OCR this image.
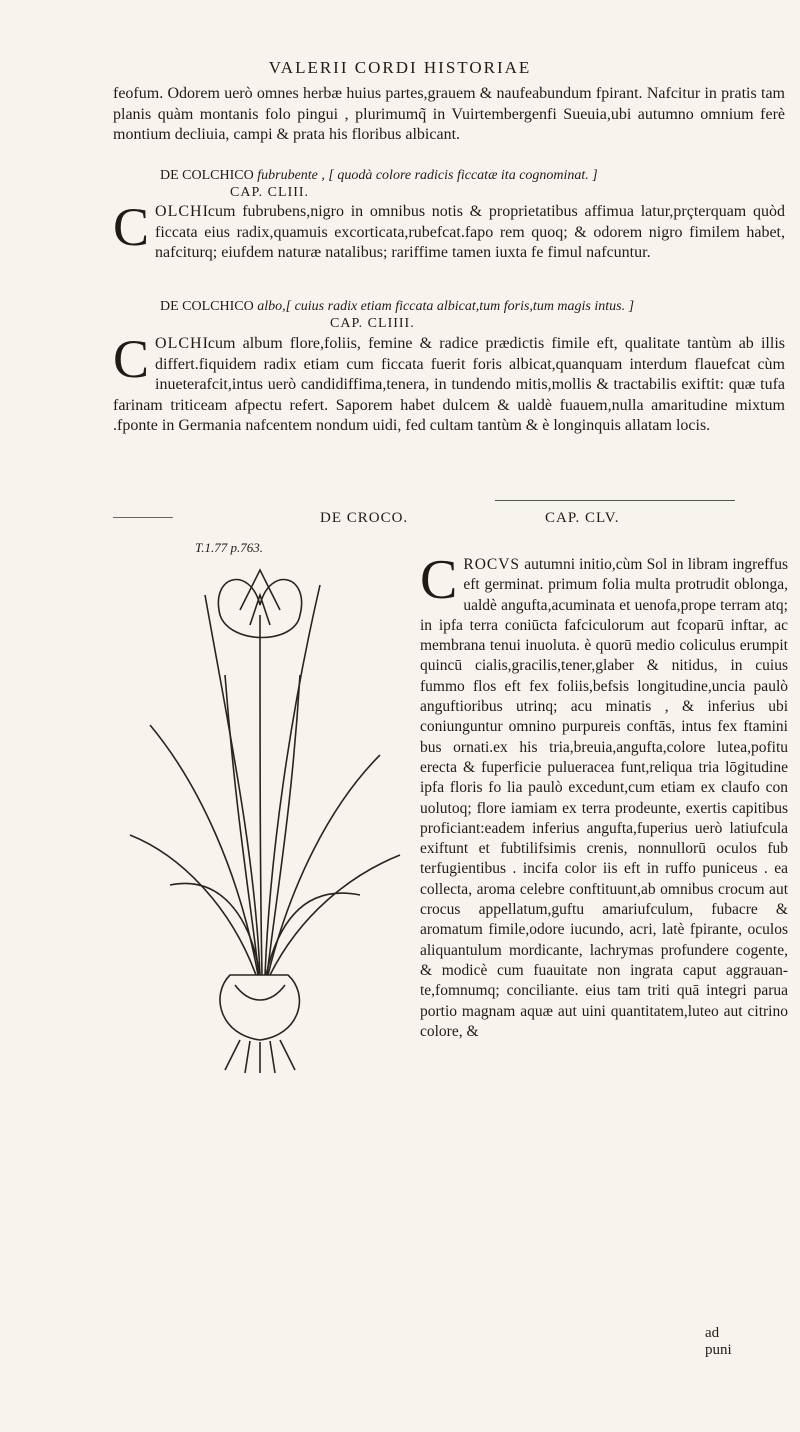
VALERII CORDI HISTORIAE

feofum. Odorem uerò omnes herbæ huius partes,grauem & naufeabundum fpirant. Nafcitur in pratis tam planis quàm montanis folo pingui , plurimumq̃ in Vuirtembergenfi Sueuia,ubi autumno omnium ferè montium decliuia, campi & prata his floribus albicant.

DE COLCHICO fubrubente , [ quodà colore radicis ficcatæ ita cognominat. ]
CAP. CLIII.

COLCHIcum fubrubens,nigro in omnibus notis & proprietatibus affimua latur,prçterquam quòd ficcata eius radix,quamuis excorticata,rubefcat.fapo rem quoq; & odorem nigro fimilem habet, nafciturq; eiufdem naturæ natalibus; rariffime tamen iuxta fe fimul nafcuntur.

DE COLCHICO albo,[ cuius radix etiam ficcata albicat,tum foris,tum magis intus. ]
CAP. CLIIII.

COLCHIcum album flore,foliis, femine & radice prædictis fimile eft, qualitate tantùm ab illis differt.fiquidem radix etiam cum ficcata fuerit foris albicat,quanquam interdum flauefcat cùm inueterafcit,intus uerò candidiffima,tenera, in tundendo mitis,mollis & tractabilis exiftit: quæ tufa farinam triticeam afpectu refert. Saporem habet dulcem & ualdè fuauem,nulla amaritudine mixtum .fponte in Germania nafcentem nondum uidi, fed cultam tantùm & è longinquis allatam locis.

DE CROCO.	CAP. CLV.
T.1.77 p.763.

CROCVS autumni initio,cùm Sol in libram ingreffus eft germinat. primum folia multa protrudit oblonga, ualdè angufta,acuminata et uenofa,prope terram atq; in ipfa terra coniūcta fafciculorum aut fcoparū inftar, ac membrana tenui inuoluta. è quorū medio coliculus erumpit quincū cialis,gracilis,tener,glaber & nitidus, in cuius fummo flos eft fex foliis,befsis longitudine,uncia paulò anguftioribus utrinq; acu minatis , & inferius ubi coniunguntur omnino purpureis conftās, intus fex ftamini bus ornati.ex his tria,breuia,angufta,colore lutea,pofitu erecta & fuperficie pulueracea funt,reliqua tria lōgitudine ipfa floris fo lia paulò excedunt,cum etiam ex claufo con uolutoq; flore iamiam ex terra prodeunte, exertis capitibus proficiant:eadem inferius angufta,fuperius uerò latiufcula exiftunt et fubtilifsimis crenis, nonnullorū oculos fub terfugientibus . incifa color iis eft in ruffo puniceus . ea collecta, aroma celebre conftituunt,ab omnibus crocum aut crocus appellatum,guftu amariufculum, fubacre & aromatum fimile,odore iucundo, acri, latè fpirante, oculos aliquantulum mordicante, lachrymas profundere cogente, & modicè cum fuauitate non ingrata caput aggrauante,fomnumq; conciliante. eius tam triti quā integri parua portio magnam aquæ aut uini quantitatem,luteo aut citrino colore, &

ad puni
